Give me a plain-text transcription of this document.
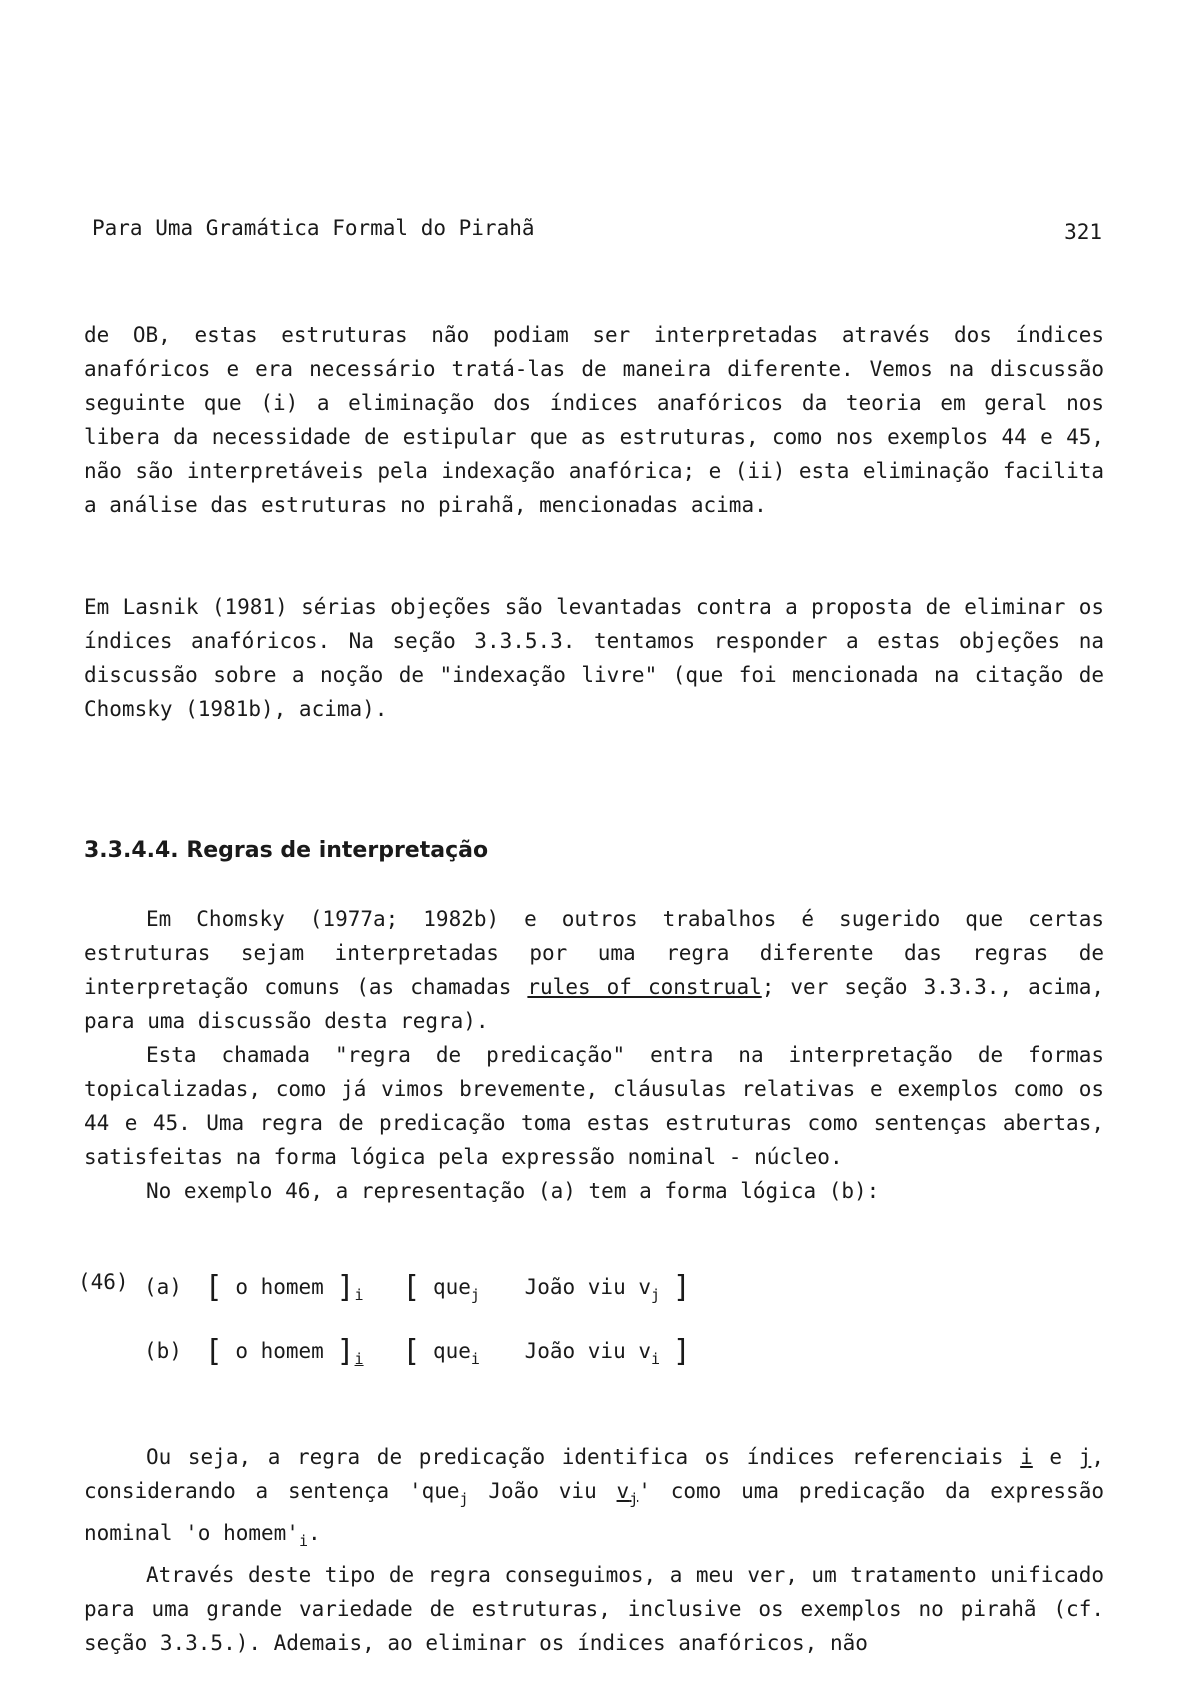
Para Uma Gramática Formal do Pirahã	321

de OB, estas estruturas não podiam ser interpretadas através dos índices anafóricos e era necessário tratá-las de maneira diferente. Vemos na discussão seguinte que (i) a eliminação dos índices anafóricos da teoria em geral nos libera da necessidade de estipular que as estruturas, como nos exemplos 44 e 45, não são interpretáveis pela indexação anafórica; e (ii) esta eliminação facilita a análise das estruturas no pirahã, mencionadas acima.

Em Lasnik (1981) sérias objeções são levantadas contra a proposta de eliminar os índices anafóricos. Na seção 3.3.5.3. tentamos responder a estas objeções na discussão sobre a noção de "indexação livre" (que foi mencionada na citação de Chomsky (1981b), acima).

3.3.4.4. Regras de interpretação

Em Chomsky (1977a; 1982b) e outros trabalhos é sugerido que certas estruturas sejam interpretadas por uma regra diferente das regras de interpretação comuns (as chamadas rules of construal; ver seção 3.3.3., acima, para uma discussão desta regra).

Esta chamada "regra de predicação" entra na interpretação de formas topicalizadas, como já vimos brevemente, cláusulas relativas e exemplos como os 44 e 45. Uma regra de predicação toma estas estruturas como sentenças abertas, satisfeitas na forma lógica pela expressão nominal - núcleo.

No exemplo 46, a representação (a) tem a forma lógica (b):

(46) (a) [ o homem ]i [ quej João viu vj ]
(b) [ o homem ]i [ quei João viu vi ]

Ou seja, a regra de predicação identifica os índices referenciais i e j, considerando a sentença 'que$_j$ João viu $v_j'$ como uma predicação da expressão nominal 'o $homem'_i$.

Através deste tipo de regra conseguimos, a meu ver, um tratamento unificado para uma grande variedade de estruturas, inclusive os exemplos no pirahã (cf. seção 3.3.5.). Ademais, ao eliminar os índices anafóricos, não
